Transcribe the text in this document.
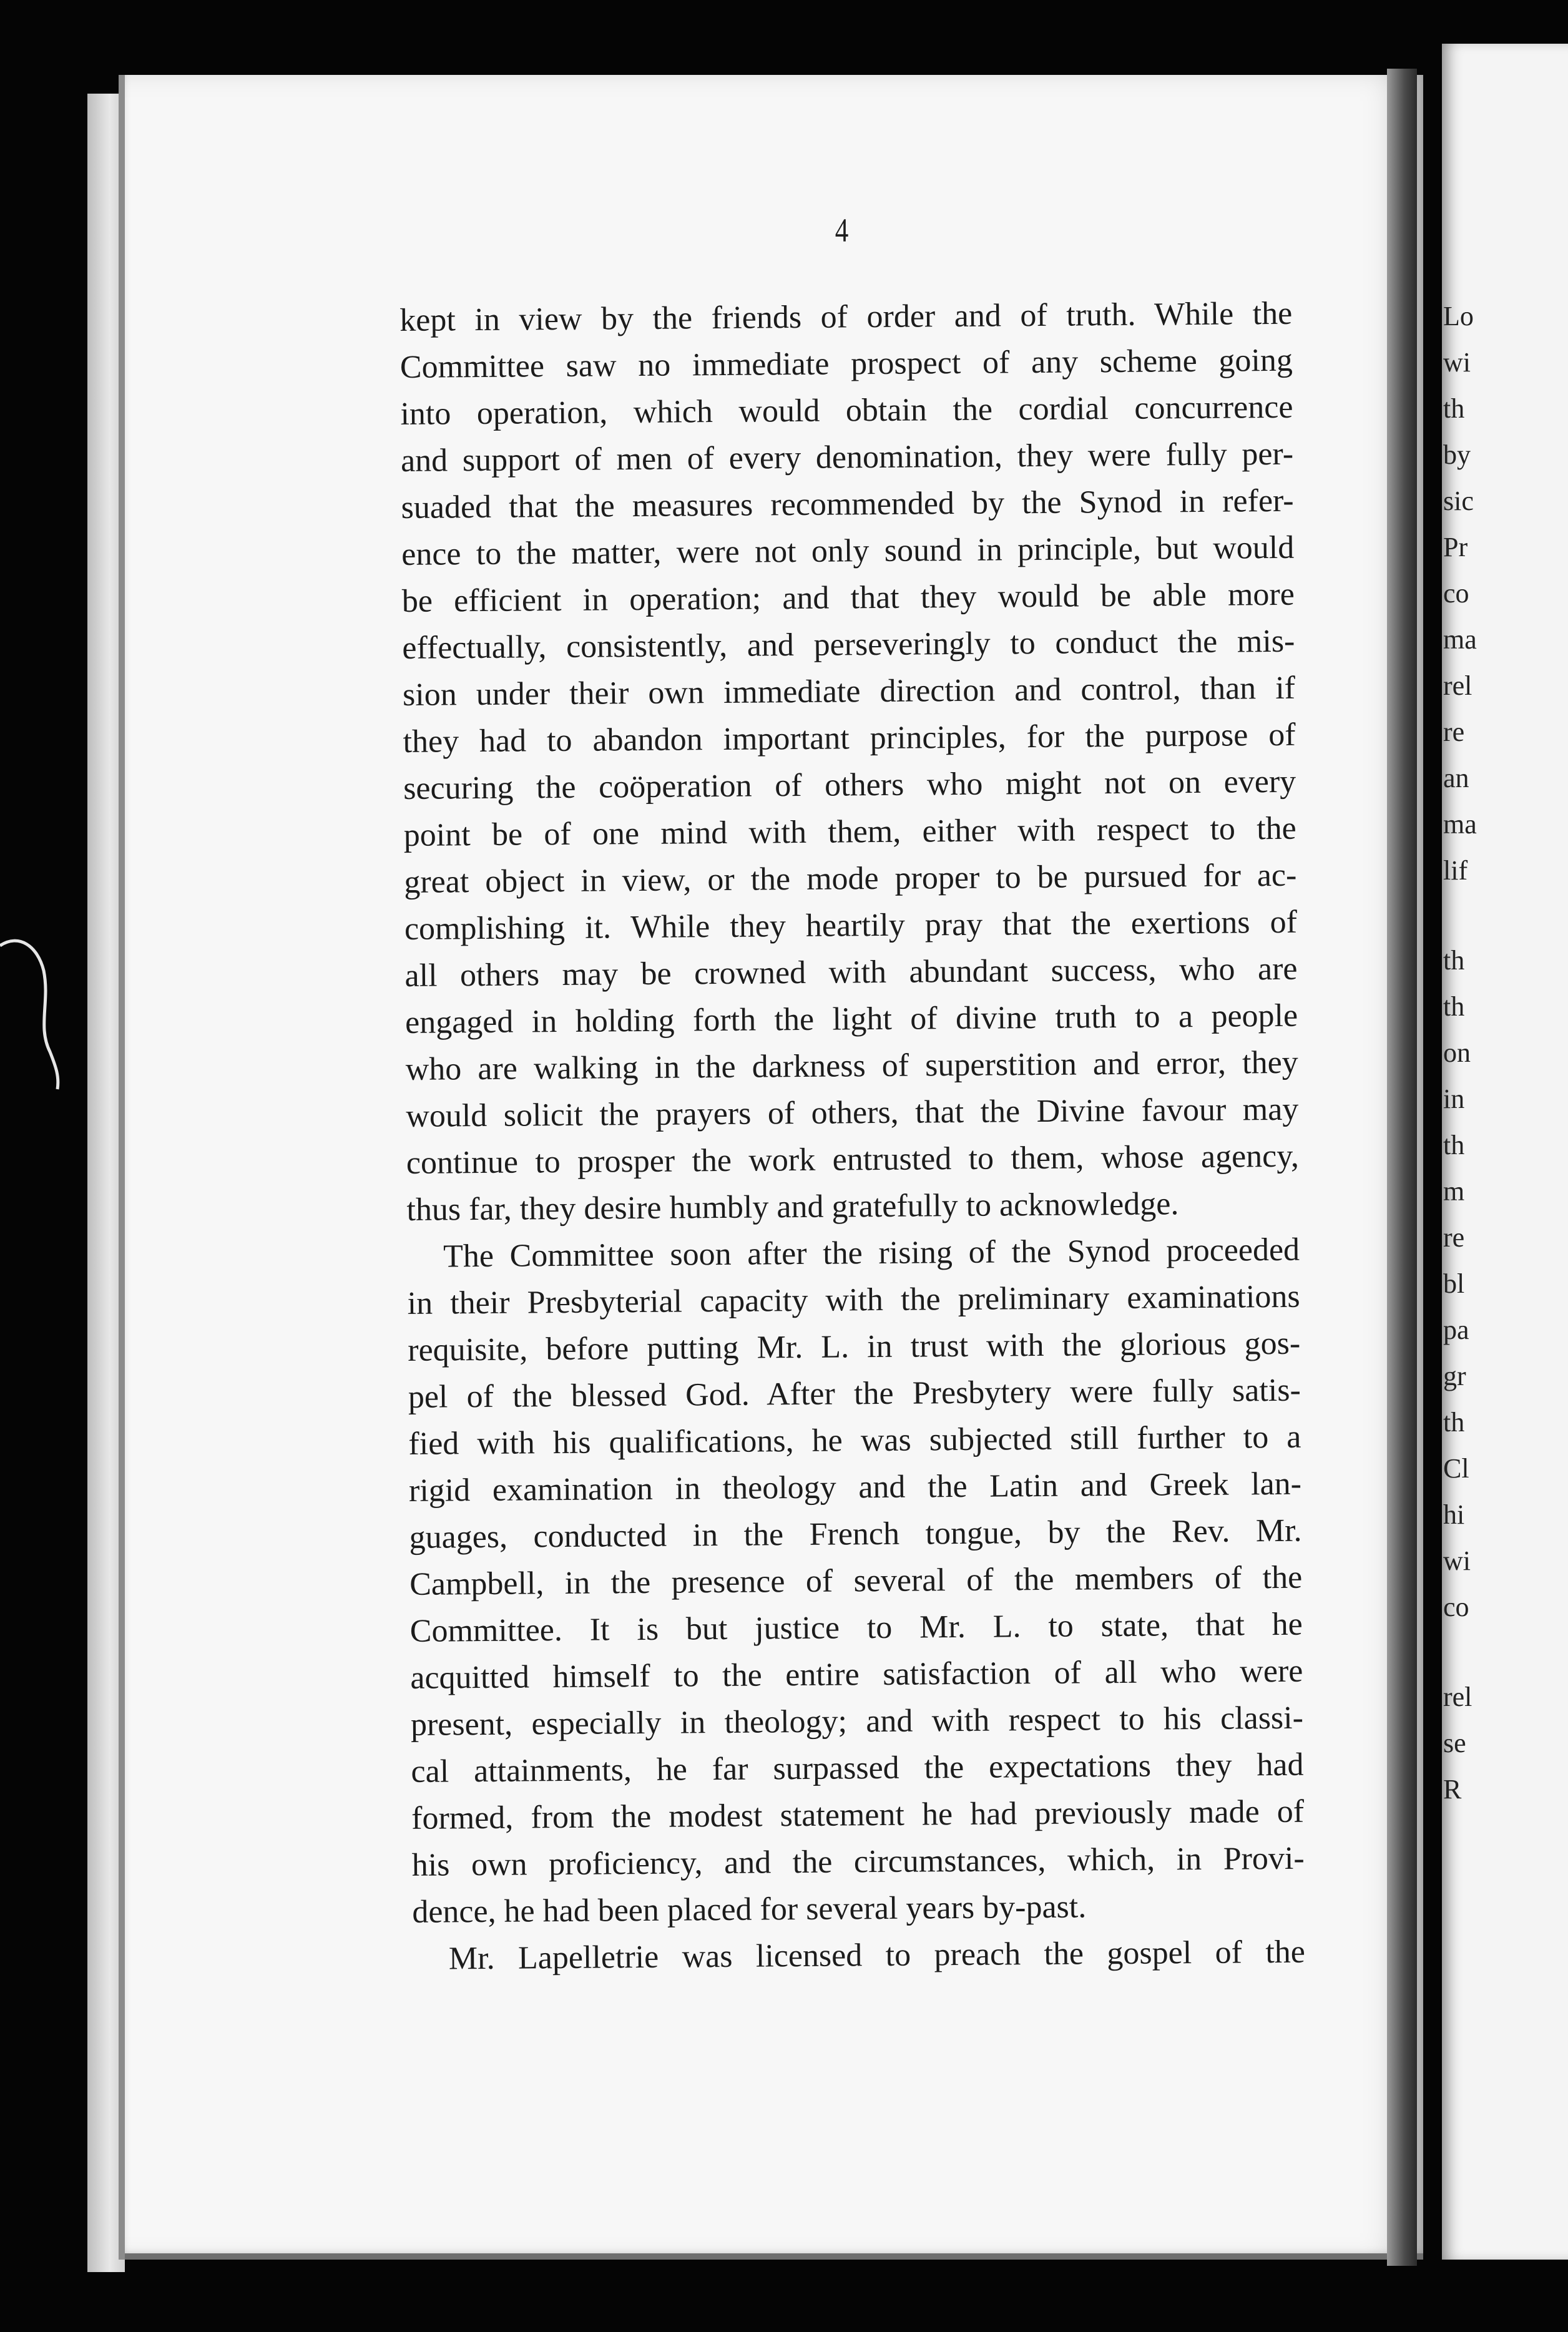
Lo
wi
th
by
sic
Pr
co
ma
rel
re
an
ma
lif
th
th
on
in
th
m
re
bl
pa
gr
th
Cl
hi
wi
co
rel
se
R
4
kept in view by the friends of order and of truth. While the
Committee saw no immediate prospect of any scheme going
into operation, which would obtain the cordial concurrence
and support of men of every denomination, they were fully per-
suaded that the measures recommended by the Synod in refer-
ence to the matter, were not only sound in principle, but would
be efficient in operation; and that they would be able more
effectually, consistently, and perseveringly to conduct the mis-
sion under their own immediate direction and control, than if
they had to abandon important principles, for the purpose of
securing the coöperation of others who might not on every
point be of one mind with them, either with respect to the
great object in view, or the mode proper to be pursued for ac-
complishing it. While they heartily pray that the exertions of
all others may be crowned with abundant success, who are
engaged in holding forth the light of divine truth to a people
who are walking in the darkness of superstition and error, they
would solicit the prayers of others, that the Divine favour may
continue to prosper the work entrusted to them, whose agency,
thus far, they desire humbly and gratefully to acknowledge.
The Committee soon after the rising of the Synod proceeded
in their Presbyterial capacity with the preliminary examinations
requisite, before putting Mr. L. in trust with the glorious gos-
pel of the blessed God. After the Presbytery were fully satis-
fied with his qualifications, he was subjected still further to a
rigid examination in theology and the Latin and Greek lan-
guages, conducted in the French tongue, by the Rev. Mr.
Campbell, in the presence of several of the members of the
Committee. It is but justice to Mr. L. to state, that he
acquitted himself to the entire satisfaction of all who were
present, especially in theology; and with respect to his classi-
cal attainments, he far surpassed the expectations they had
formed, from the modest statement he had previously made of
his own proficiency, and the circumstances, which, in Provi-
dence, he had been placed for several years by-past.
Mr. Lapelletrie was licensed to preach the gospel of the
